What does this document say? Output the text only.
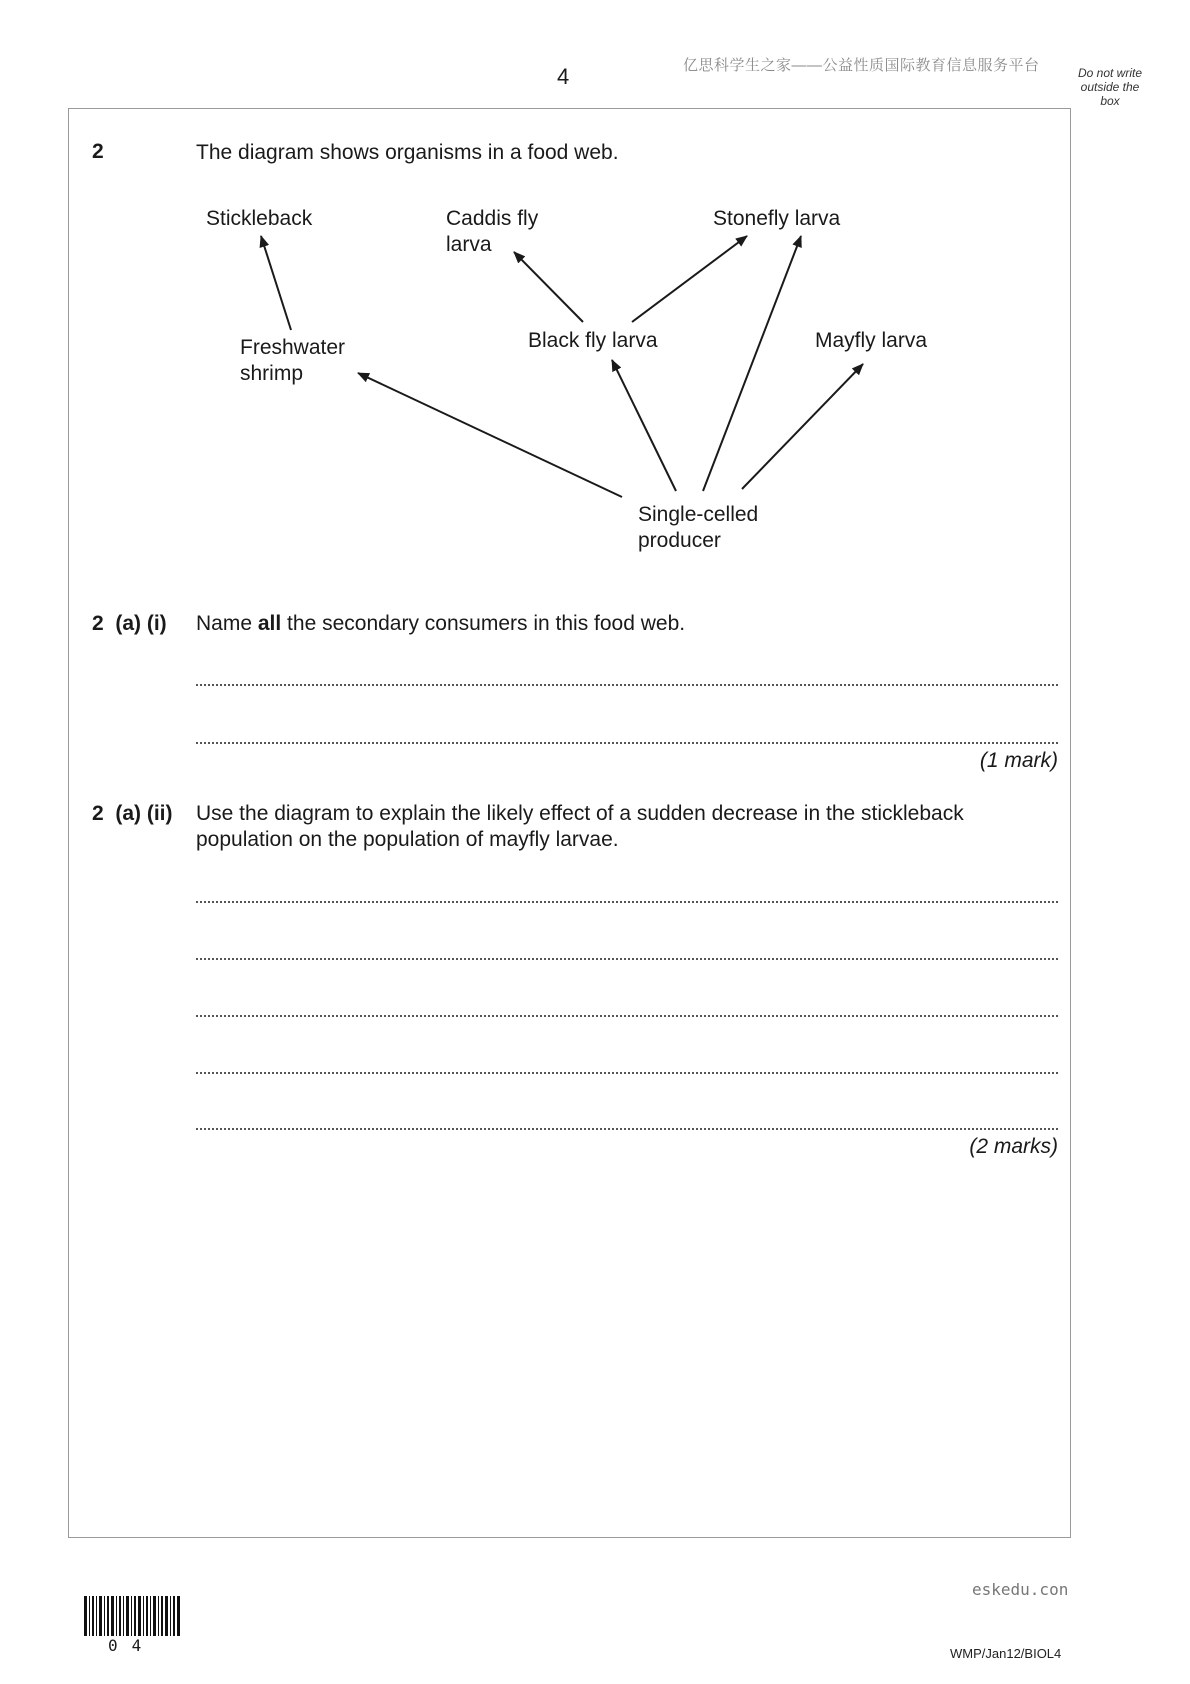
4	亿思科学生之家——公益性质国际教育信息服务平台	Do not write
outside the
box
2	The diagram shows organisms in a food web.
Stickleback	Caddis fly
larva
Stonefly larva
Freshwater
shrimp
Black fly larva	Mayfly larva
Single-celled
producer
2  (a) (i) Name all the secondary consumers in this food web.
(1 mark)
2  (a) (ii) Use the diagram to explain the likely effect of a sudden decrease in the stickleback
population on the population of mayfly larvae.
(2 marks)
eskedu.con
04	WMP/Jan12/BIOL4
